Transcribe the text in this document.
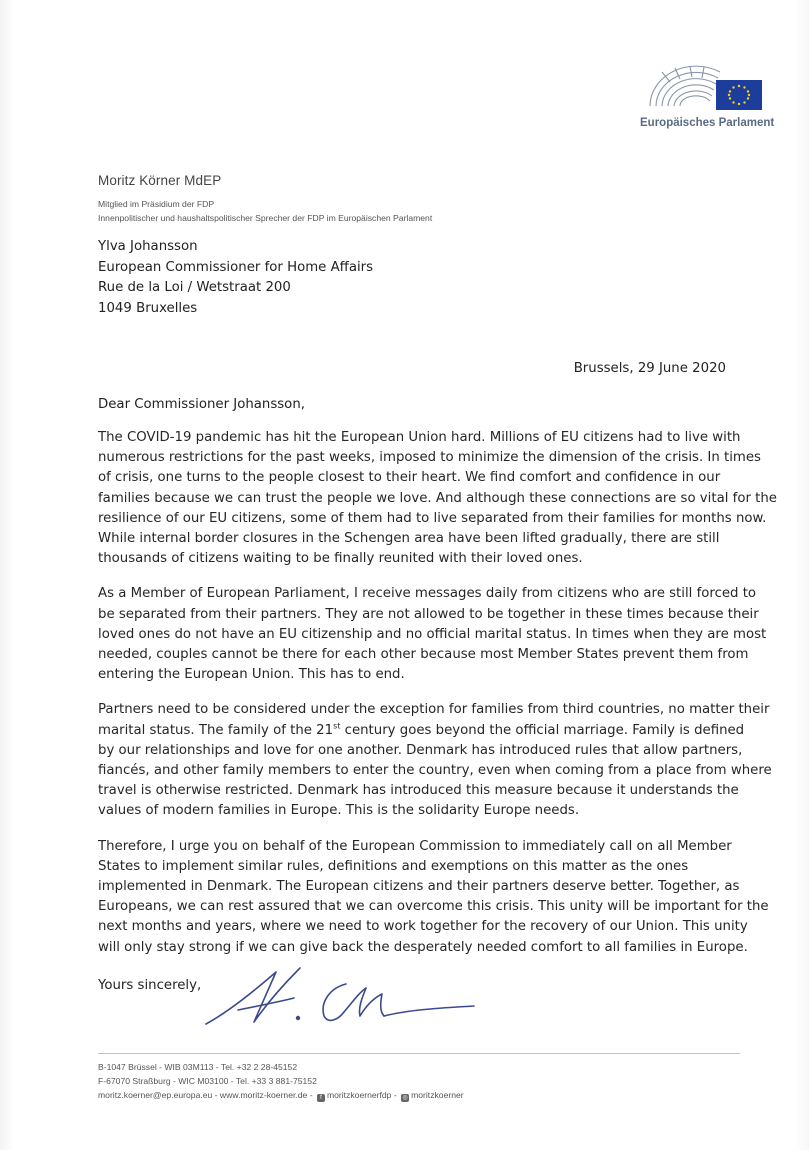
Europäisches Parlament
Moritz Körner MdEP
Mitglied im Präsidium der FDP
Innenpolitischer und haushaltspolitischer Sprecher der FDP im Europäischen Parlament
Ylva Johansson
European Commissioner for Home Affairs
Rue de la Loi / Wetstraat 200
1049 Bruxelles
Brussels, 29 June 2020
Dear Commissioner Johansson,

The COVID-19 pandemic has hit the European Union hard. Millions of EU citizens had to live with
numerous restrictions for the past weeks, imposed to minimize the dimension of the crisis. In times
of crisis, one turns to the people closest to their heart. We find comfort and confidence in our
families because we can trust the people we love. And although these connections are so vital for the
resilience of our EU citizens, some of them had to live separated from their families for months now.
While internal border closures in the Schengen area have been lifted gradually, there are still
thousands of citizens waiting to be finally reunited with their loved ones.

As a Member of European Parliament, I receive messages daily from citizens who are still forced to
be separated from their partners. They are not allowed to be together in these times because their
loved ones do not have an EU citizenship and no official marital status. In times when they are most
needed, couples cannot be there for each other because most Member States prevent them from
entering the European Union. This has to end.

Partners need to be considered under the exception for families from third countries, no matter their
marital status. The family of the 21st century goes beyond the official marriage. Family is defined
by our relationships and love for one another. Denmark has introduced rules that allow partners,
fiancés, and other family members to enter the country, even when coming from a place from where
travel is otherwise restricted. Denmark has introduced this measure because it understands the
values of modern families in Europe. This is the solidarity Europe needs.

Therefore, I urge you on behalf of the European Commission to immediately call on all Member
States to implement similar rules, definitions and exemptions on this matter as the ones
implemented in Denmark. The European citizens and their partners deserve better. Together, as
Europeans, we can rest assured that we can overcome this crisis. This unity will be important for the
next months and years, where we need to work together for the recovery of our Union. This unity
will only stay strong if we can give back the desperately needed comfort to all families in Europe.

Yours sincerely,
B-1047 Brüssel - WIB 03M113 - Tel. +32 2 28-45152
F-67070 Straßburg - WIC M03100 - Tel. +33 3 881-75152
moritz.koerner@ep.europa.eu - www.moritz-koerner.de - f moritzkoernerfdp - ◎ moritzkoerner
